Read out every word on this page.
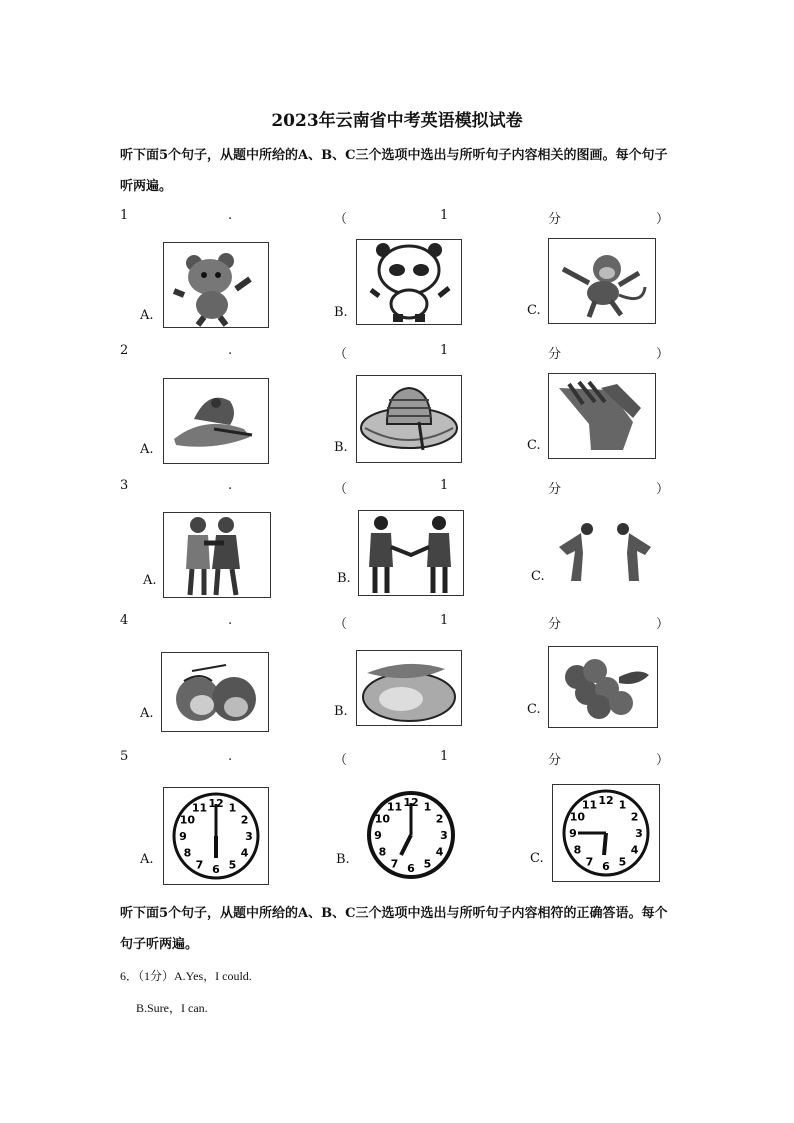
2023年云南省中考英语模拟试卷
听下面5个句子，从题中所给的A、B、C三个选项中选出与所听句子内容相关的图画。每个句子听两遍。
1	.	（	1	分	）
A.	B.	C.
2	.	（	1	分	）
A.	B.	C.
3	.	（	1	分	）
A.	B.	C.
4	.	（	1	分	）
A.	B.	C.
5	.	（	1	分	）
A.
1
2
3
4
5
6
7
8
9
10
11 12
B.
1
2
3
4
5
6
7
8
9
10
11 12
C.
1
2
3
4
5
6
7
8
9
10
11 12
听下面5个句子，从题中所给的A、B、C三个选项中选出与所听句子内容相符的正确答语。每个句子听两遍。
6．（1分）A.Yes，I could.
B.Sure，I can.
